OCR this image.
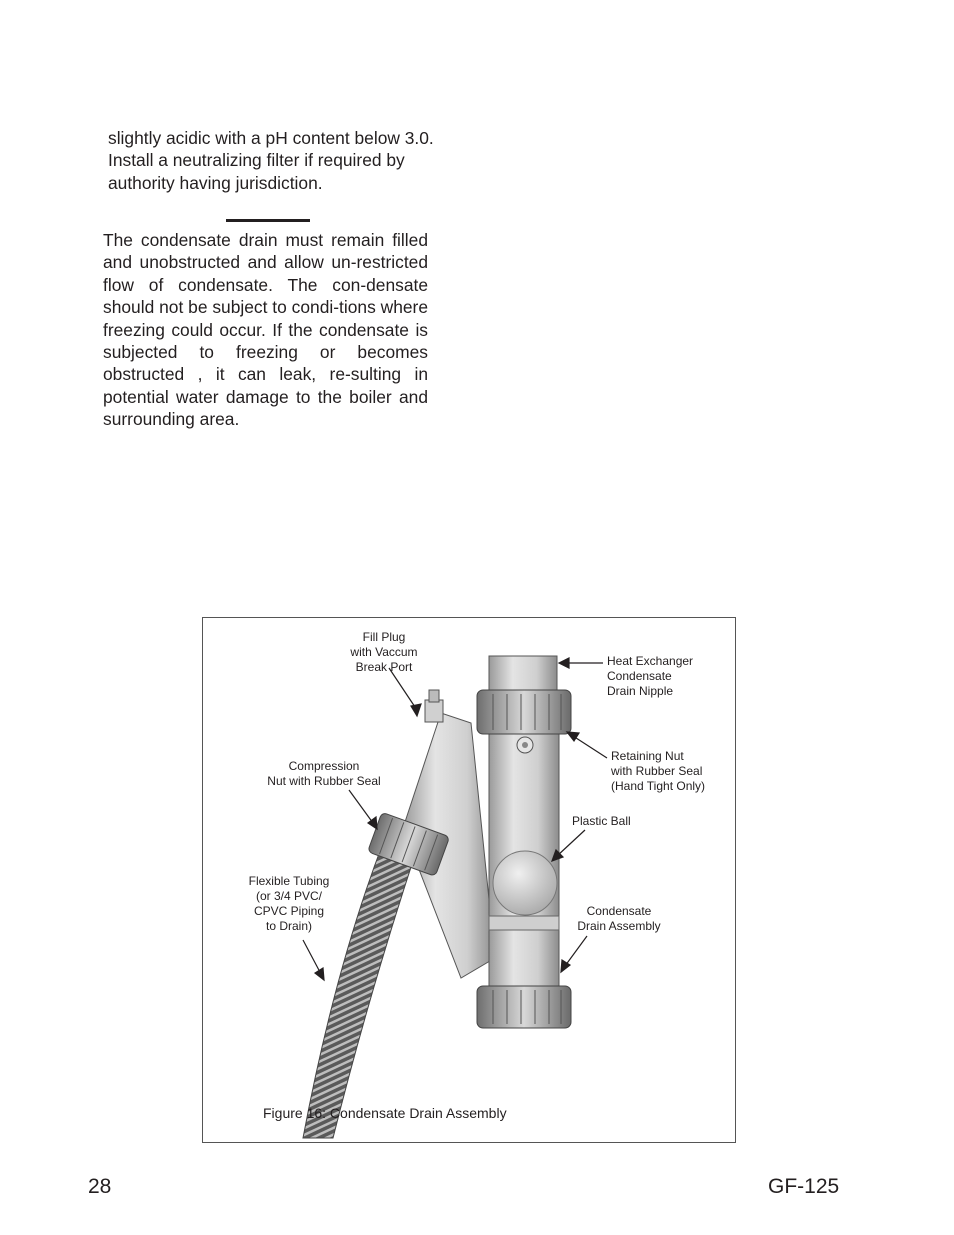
slightly acidic with a pH content below 3.0. Install a neutralizing filter if required by authority having jurisdiction.

The condensate drain must remain filled and unobstructed and allow un-restricted flow of condensate. The con-densate should not be subject to condi-tions where freezing could occur. If the condensate is subjected to freezing or becomes obstructed , it can leak, re-sulting in potential water damage to the boiler and surrounding area.

Fill Plug
with Vaccum
Break Port	Heat Exchanger
Condensate
Drain Nipple
Retaining Nut
with Rubber Seal
(Hand Tight Only)
Compression
Nut with Rubber Seal
Plastic Ball
Flexible Tubing
(or 3/4 PVC/
CPVC Piping
to Drain)
Condensate
Drain Assembly
Figure 16: Condensate Drain Assembly
28	GF-125
